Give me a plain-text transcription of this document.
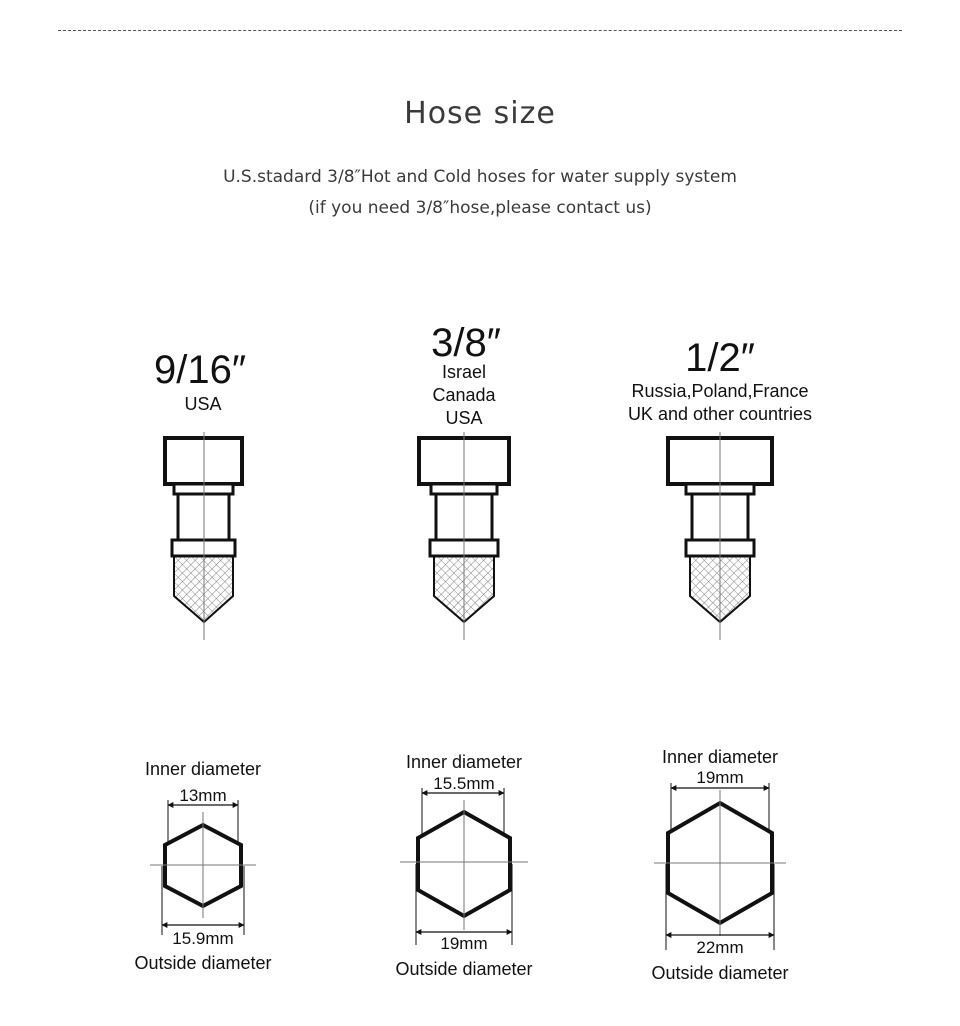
Hose size
U.S.stadard 3/8″Hot and Cold hoses for water supply system
(if you need 3/8″hose,please contact us)
9/16″
USA
Inner diameter
13mm
15.9mm
Outside diameter
3/8″
Israel
Canada
USA
Inner diameter
15.5mm
19mm
Outside diameter
1/2″
Russia,Poland,France
UK and other countries
Inner diameter
19mm
22mm
Outside diameter
